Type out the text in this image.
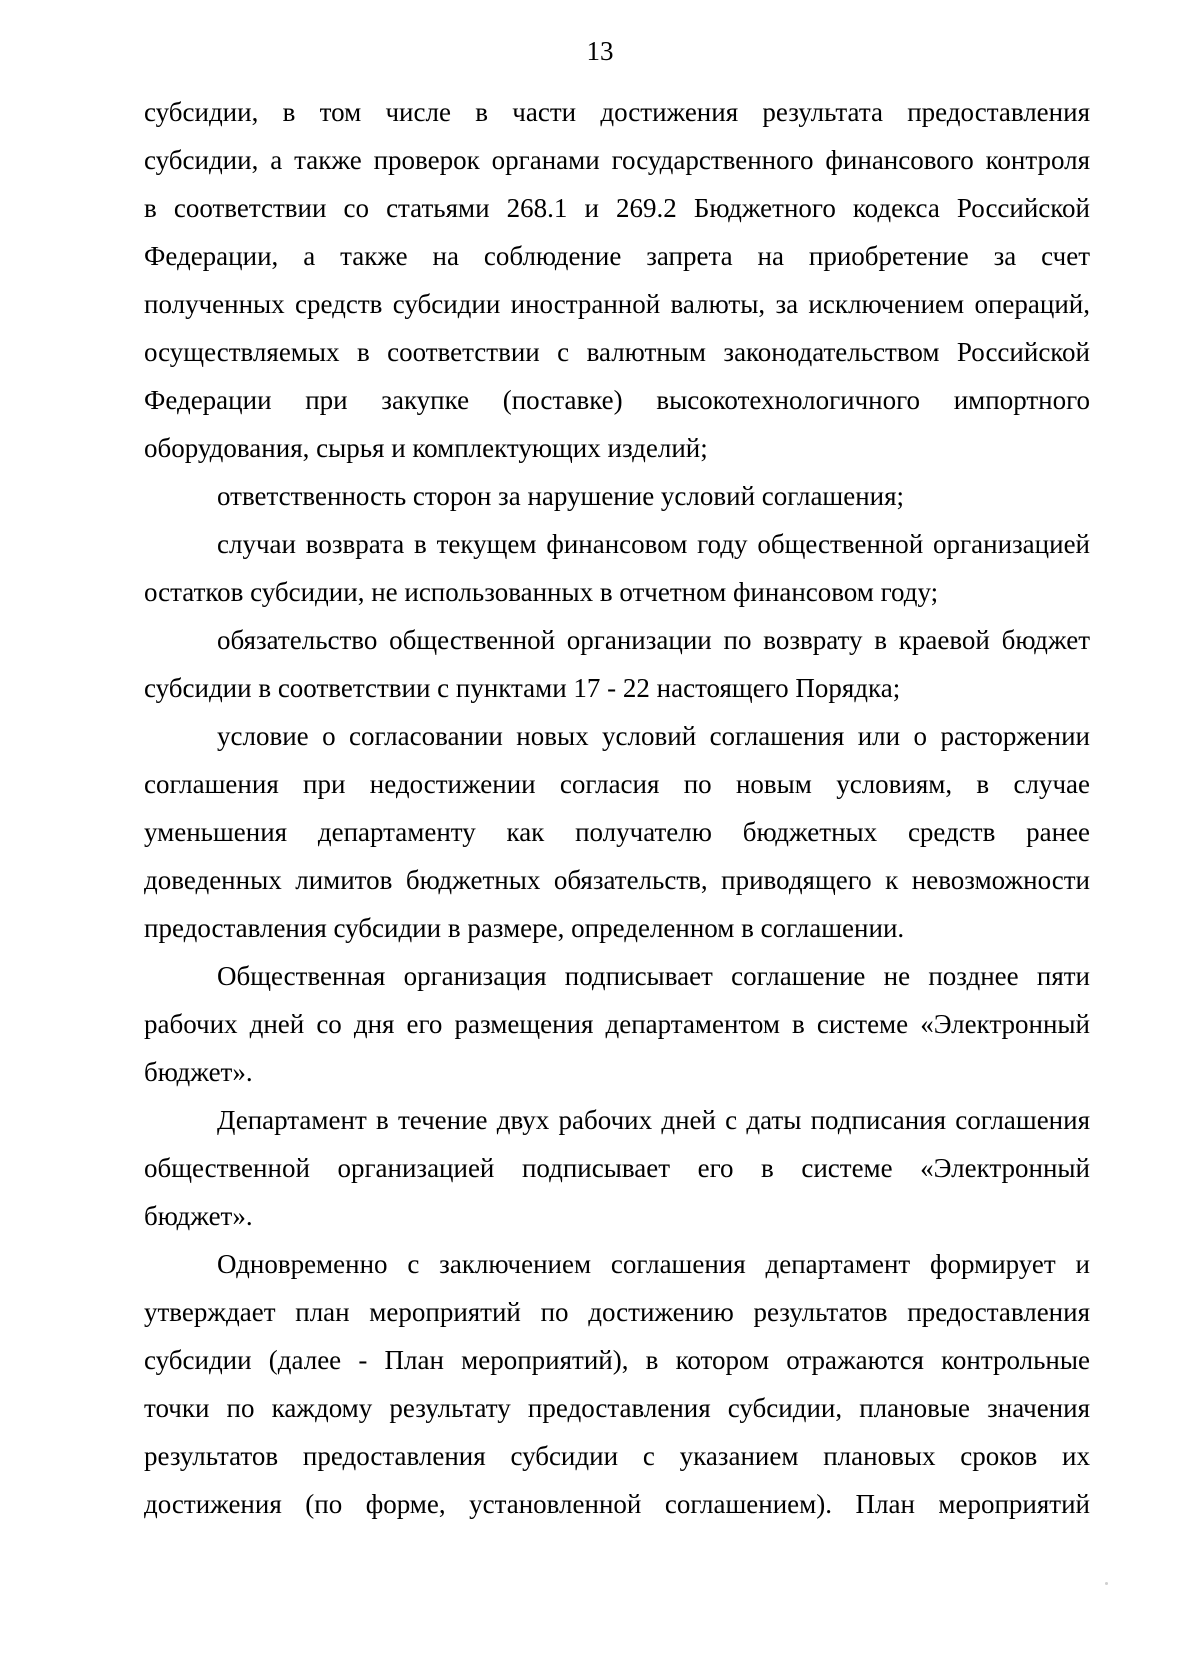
13
субсидии, в том числе в части достижения результата предоставления
субсидии, а также проверок органами государственного финансового контроля
в соответствии со статьями 268.1 и 269.2 Бюджетного кодекса Российской
Федерации, а также на соблюдение запрета на приобретение за счет
полученных средств субсидии иностранной валюты, за исключением операций,
осуществляемых в соответствии с валютным законодательством Российской
Федерации при закупке (поставке) высокотехнологичного импортного
оборудования, сырья и комплектующих изделий;
ответственность сторон за нарушение условий соглашения;
случаи возврата в текущем финансовом году общественной организацией
остатков субсидии, не использованных в отчетном финансовом году;
обязательство общественной организации по возврату в краевой бюджет
субсидии в соответствии с пунктами 17 - 22 настоящего Порядка;
условие о согласовании новых условий соглашения или о расторжении
соглашения при недостижении согласия по новым условиям, в случае
уменьшения департаменту как получателю бюджетных средств ранее
доведенных лимитов бюджетных обязательств, приводящего к невозможности
предоставления субсидии в размере, определенном в соглашении.
Общественная организация подписывает соглашение не позднее пяти
рабочих дней со дня его размещения департаментом в системе «Электронный
бюджет».
Департамент в течение двух рабочих дней с даты подписания соглашения
общественной организацией подписывает его в системе «Электронный
бюджет».
Одновременно с заключением соглашения департамент формирует и
утверждает план мероприятий по достижению результатов предоставления
субсидии (далее - План мероприятий), в котором отражаются контрольные
точки по каждому результату предоставления субсидии, плановые значения
результатов предоставления субсидии с указанием плановых сроков их
достижения (по форме, установленной соглашением). План мероприятий
